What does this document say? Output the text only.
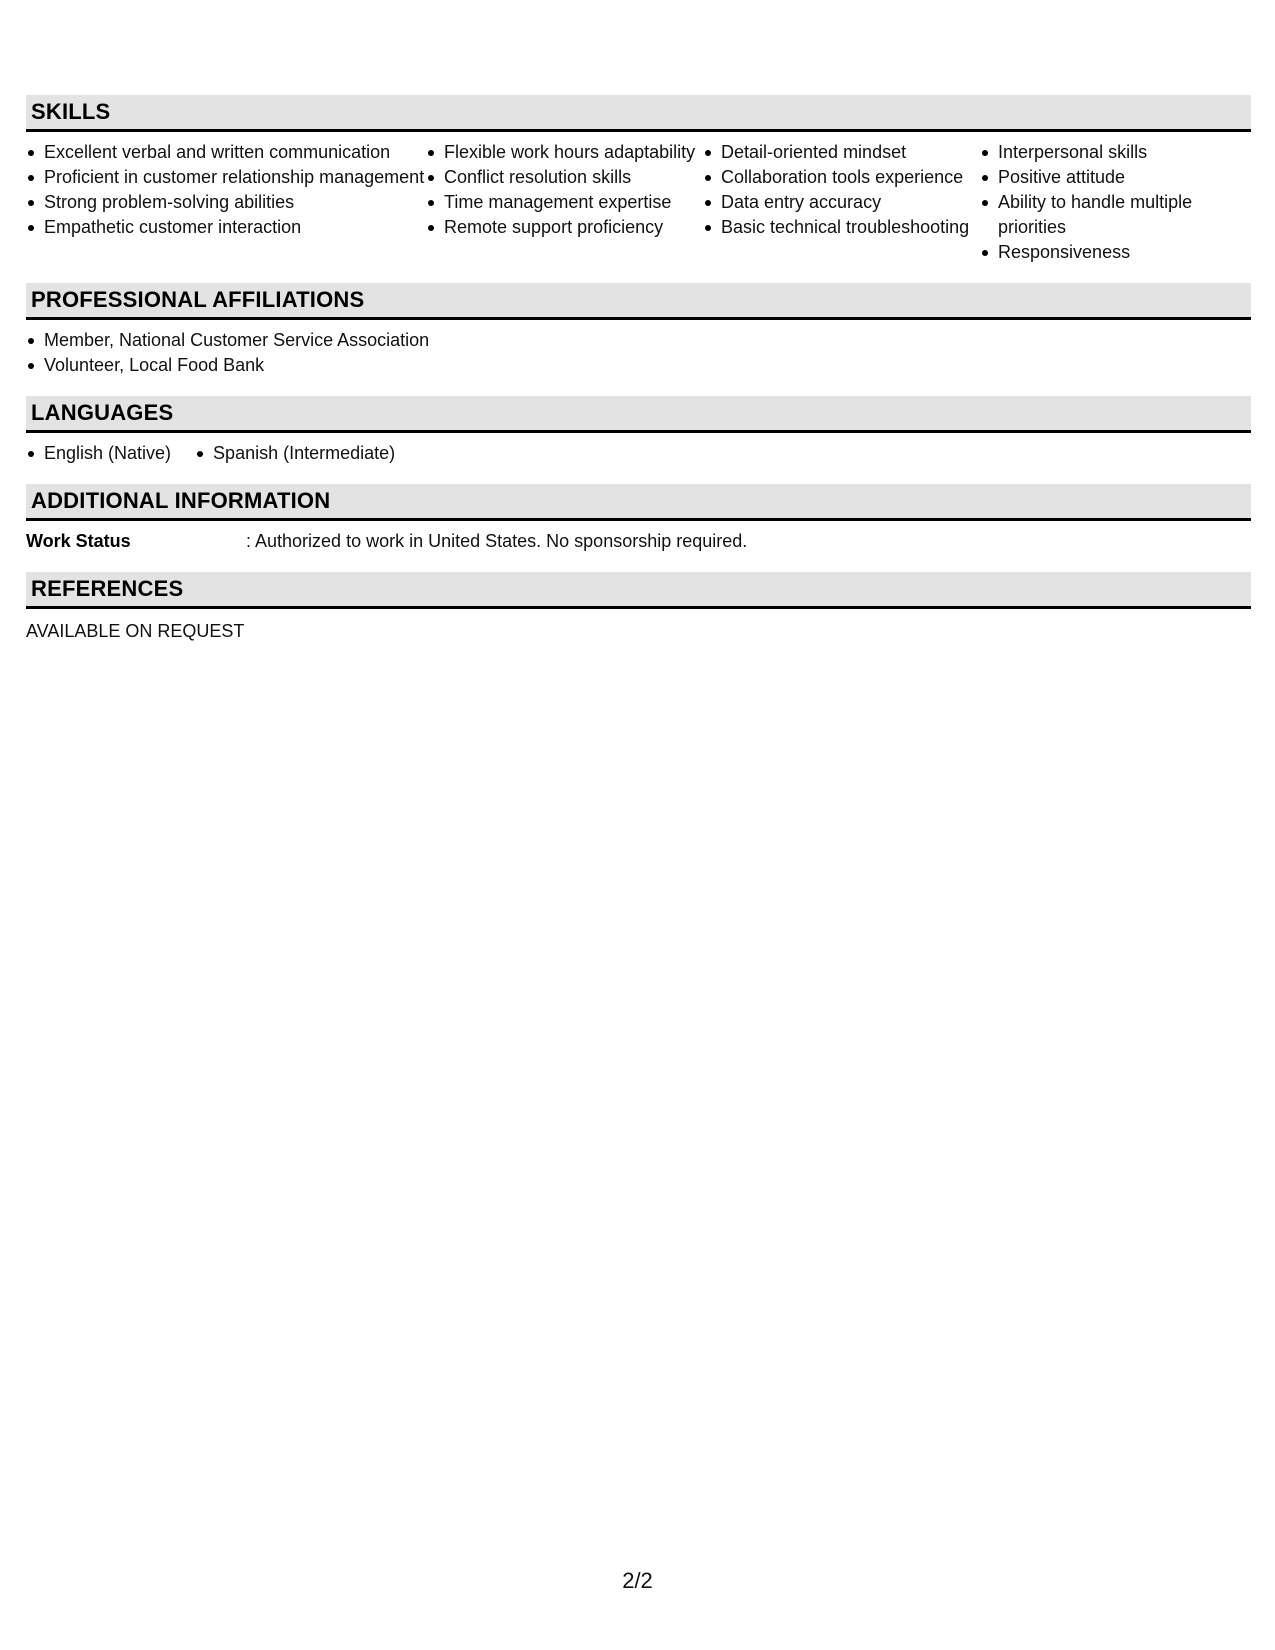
SKILLS
Excellent verbal and written communication
Proficient in customer relationship management
Strong problem-solving abilities
Empathetic customer interaction
Flexible work hours adaptability
Conflict resolution skills
Time management expertise
Remote support proficiency
Detail-oriented mindset
Collaboration tools experience
Data entry accuracy
Basic technical troubleshooting
Interpersonal skills
Positive attitude
Ability to handle multiple priorities
Responsiveness
PROFESSIONAL AFFILIATIONS
Member, National Customer Service Association
Volunteer, Local Food Bank
LANGUAGES
English (Native)	Spanish (Intermediate)
ADDITIONAL INFORMATION
Work Status	: Authorized to work in United States. No sponsorship required.
REFERENCES
AVAILABLE ON REQUEST
2/2
